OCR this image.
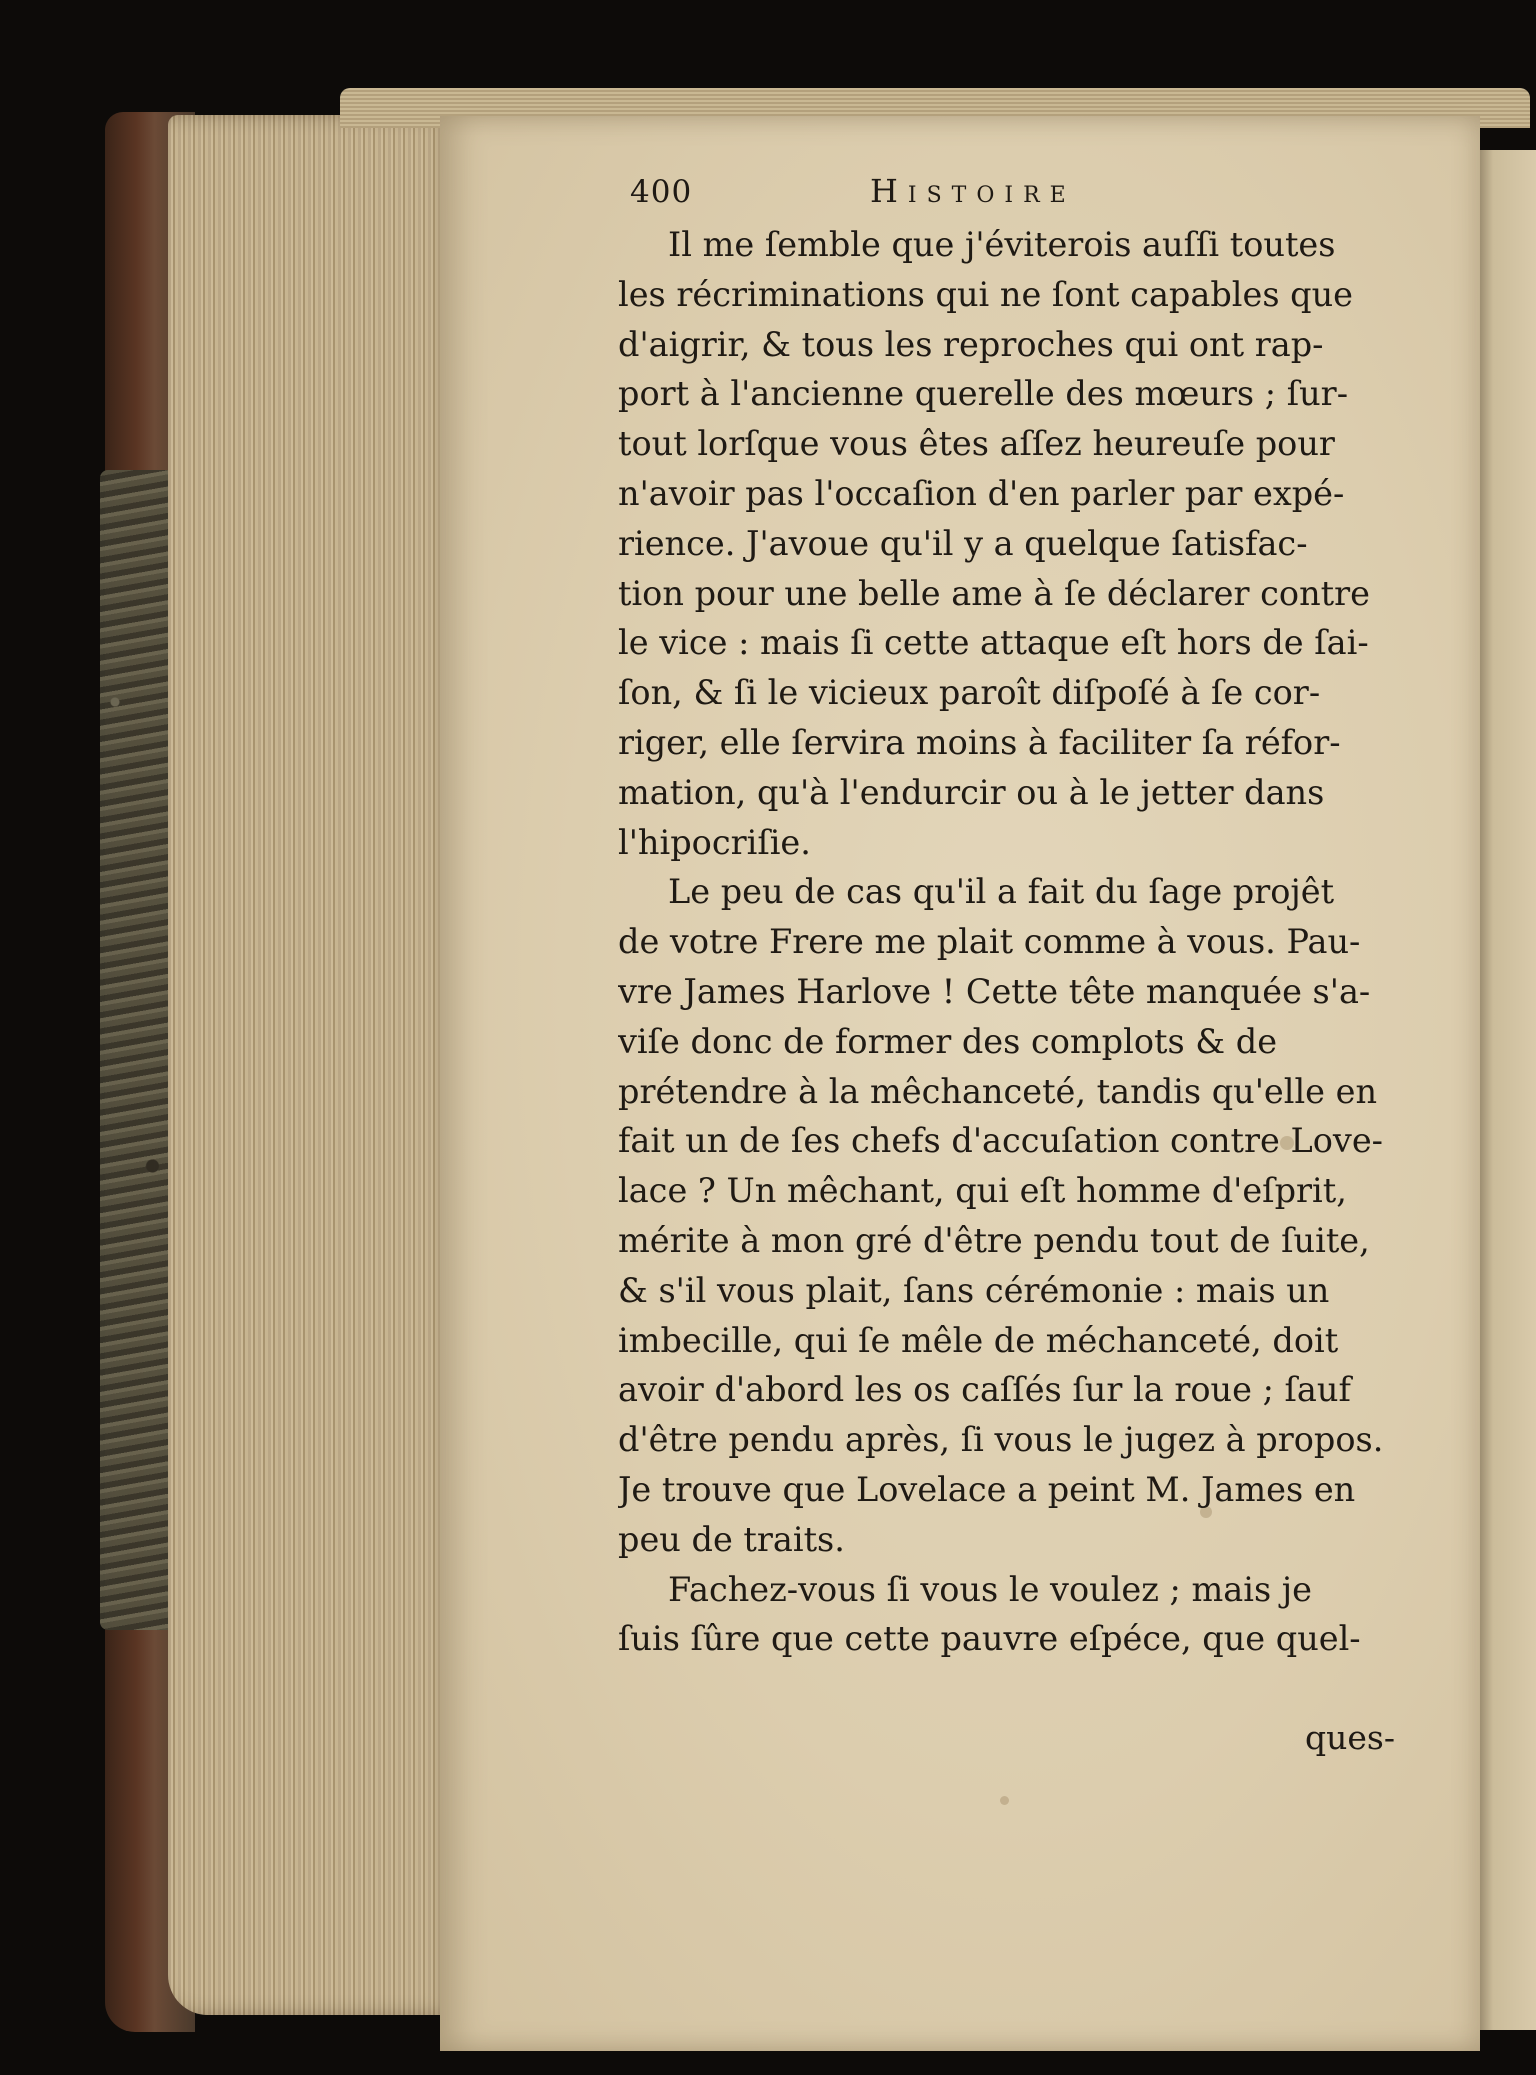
400	Histoire
Il me ſemble que j'éviterois auſſi toutes
les récriminations qui ne ſont capables que
d'aigrir, & tous les reproches qui ont rap-
port à l'ancienne querelle des mœurs ; ſur-
tout lorſque vous êtes aſſez heureuſe pour
n'avoir pas l'occaſion d'en parler par expé-
rience. J'avoue qu'il y a quelque ſatisfac-
tion pour une belle ame à ſe déclarer contre
le vice : mais ſi cette attaque eſt hors de ſai-
ſon, & ſi le vicieux paroît diſpoſé à ſe cor-
riger, elle ſervira moins à faciliter ſa réfor-
mation, qu'à l'endurcir ou à le jetter dans
l'hipocriſie.
Le peu de cas qu'il a fait du ſage projêt
de votre Frere me plait comme à vous. Pau-
vre James Harlove ! Cette tête manquée s'a-
viſe donc de former des complots & de
prétendre à la mêchanceté, tandis qu'elle en
fait un de ſes chefs d'accuſation contre Love-
lace ? Un mêchant, qui eſt homme d'eſprit,
mérite à mon gré d'être pendu tout de ſuite,
& s'il vous plait, ſans cérémonie : mais un
imbecille, qui ſe mêle de méchanceté, doit
avoir d'abord les os caſſés ſur la roue ; ſauf
d'être pendu après, ſi vous le jugez à propos.
Je trouve que Lovelace a peint M. James en
peu de traits.
Fachez-vous ſi vous le voulez ; mais je
ſuis ſûre que cette pauvre eſpéce, que quel-
ques-
